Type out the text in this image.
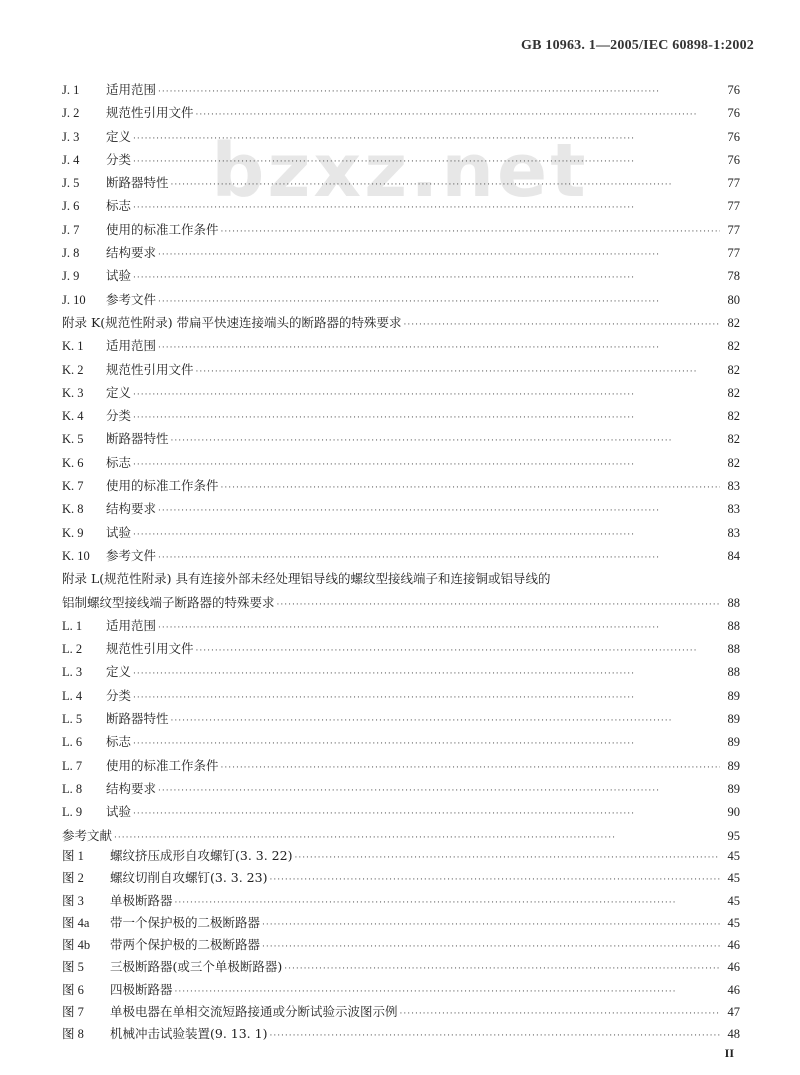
GB 10963. 1—2005/IEC 60898-1:2002
bzxz.net
J. 1	适用范围 ·····	76
J. 2	规范性引用文件 ·····	76
J. 3	定义 ·····	76
J. 4	分类 ·····	76
J. 5	断路器特性 ·····	77
J. 6	标志 ·····	77
J. 7	使用的标准工作条件 ·····	77
J. 8	结构要求 ·····	77
J. 9	试验 ·····	78
J. 10	参考文件 ·····	80
附录 K(规范性附录) 带扁平快速连接端头的断路器的特殊要求 ·····	82
K. 1	适用范围 ·····	82
K. 2	规范性引用文件 ·····	82
K. 3	定义 ·····	82
K. 4	分类 ·····	82
K. 5	断路器特性 ·····	82
K. 6	标志 ·····	82
K. 7	使用的标准工作条件 ·····	83
K. 8	结构要求 ·····	83
K. 9	试验 ·····	83
K. 10	参考文件 ·····	84
附录 L(规范性附录) 具有连接外部未经处理铝导线的螺纹型接线端子和连接铜或铝导线的
铝制螺纹型接线端子断路器的特殊要求 ·····	88
L. 1	适用范围 ·····	88
L. 2	规范性引用文件 ·····	88
L. 3	定义 ·····	88
L. 4	分类 ·····	89
L. 5	断路器特性 ·····	89
L. 6	标志 ·····	89
L. 7	使用的标准工作条件 ·····	89
L. 8	结构要求 ·····	89
L. 9	试验 ·····	90
参考文献 ·····	95
图 1	螺纹挤压成形自攻螺钉(3. 3. 22) ·····	45
图 2	螺纹切削自攻螺钉(3. 3. 23) ·····	45
图 3	单极断路器 ·····	45
图 4a	带一个保护极的二极断路器 ·····	45
图 4b	带两个保护极的二极断路器 ·····	46
图 5	三极断路器(或三个单极断路器) ·····	46
图 6	四极断路器 ·····	46
图 7	单极电器在单相交流短路接通或分断试验示波图示例 ·····	47
图 8	机械冲击试验装置(9. 13. 1) ·····	48
II
